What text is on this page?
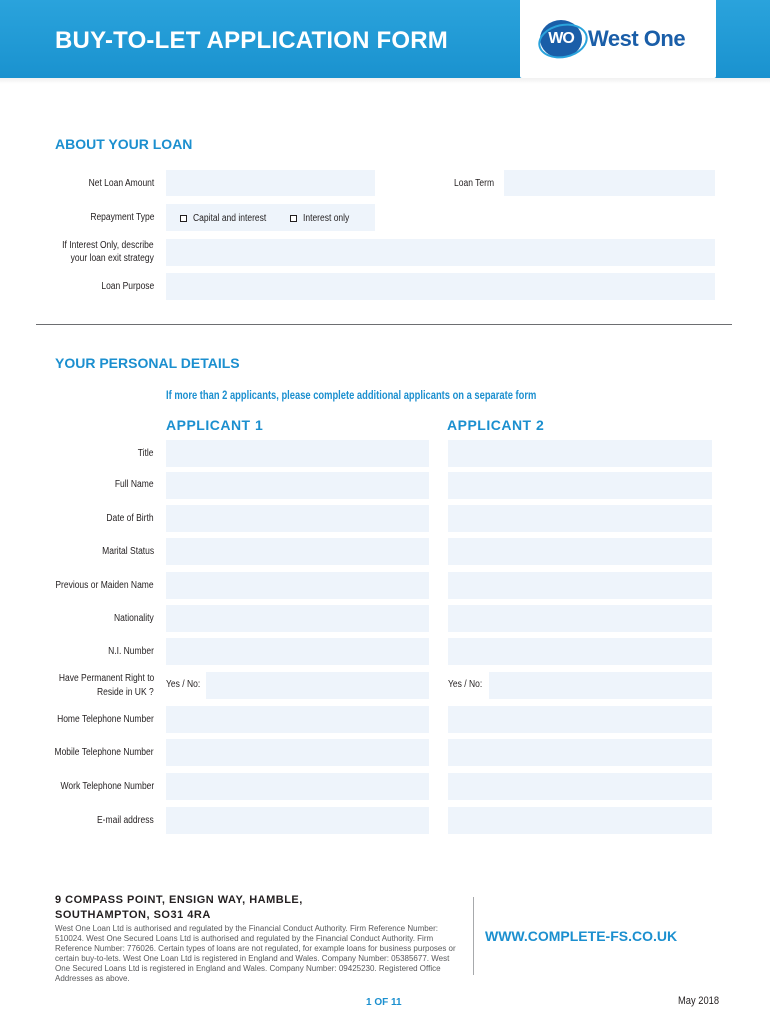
BUY-TO-LET APPLICATION FORM	WO West One
ABOUT YOUR LOAN
Net Loan Amount	Loan Term
Repayment Type	Capital and interest	Interest only
If Interest Only, describe
your loan exit strategy
Loan Purpose
YOUR PERSONAL DETAILS
If more than 2 applicants, please complete additional applicants on a separate form
APPLICANT 1	APPLICANT 2
Title
Full Name
Date of Birth
Marital Status
Previous or Maiden Name
Nationality
N.I. Number
Have Permanent Right to
Reside in UK ?
Yes / No:	Yes / No:
Home Telephone Number
Mobile Telephone Number
Work Telephone Number
E-mail address
9 COMPASS POINT, ENSIGN WAY, HAMBLE,
SOUTHAMPTON, SO31 4RA
West One Loan Ltd is authorised and regulated by the Financial Conduct Authority. Firm Reference Number: 510024. West One Secured Loans Ltd is authorised and regulated by the Financial Conduct Authority. Firm Reference Number: 776026. Certain types of loans are not regulated, for example loans for business purposes or certain buy-to-lets. West One Loan Ltd is registered in England and Wales. Company Number: 05385677. West One Secured Loans Ltd is registered in England and Wales. Company Number: 09425230. Registered Office Addresses as above.
WWW.COMPLETE-FS.CO.UK
1 OF 11	May 2018
